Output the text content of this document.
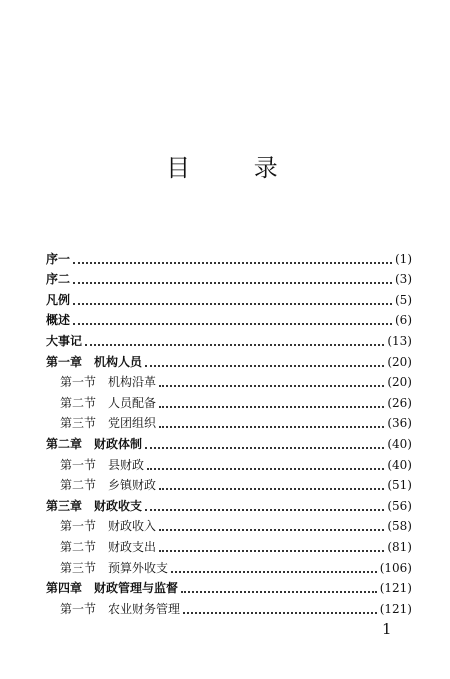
目 录
序一	(1)
序二	(3)
凡例	(5)
概述	(6)
大事记	(13)
第一章 机构人员	(20)
第一节 机构沿革	(20)
第二节 人员配备	(26)
第三节 党团组织	(36)
第二章 财政体制	(40)
第一节 县财政	(40)
第二节 乡镇财政	(51)
第三章 财政收支	(56)
第一节 财政收入	(58)
第二节 财政支出	(81)
第三节 预算外收支	(106)
第四章 财政管理与监督	(121)
第一节 农业财务管理	(121)
1
